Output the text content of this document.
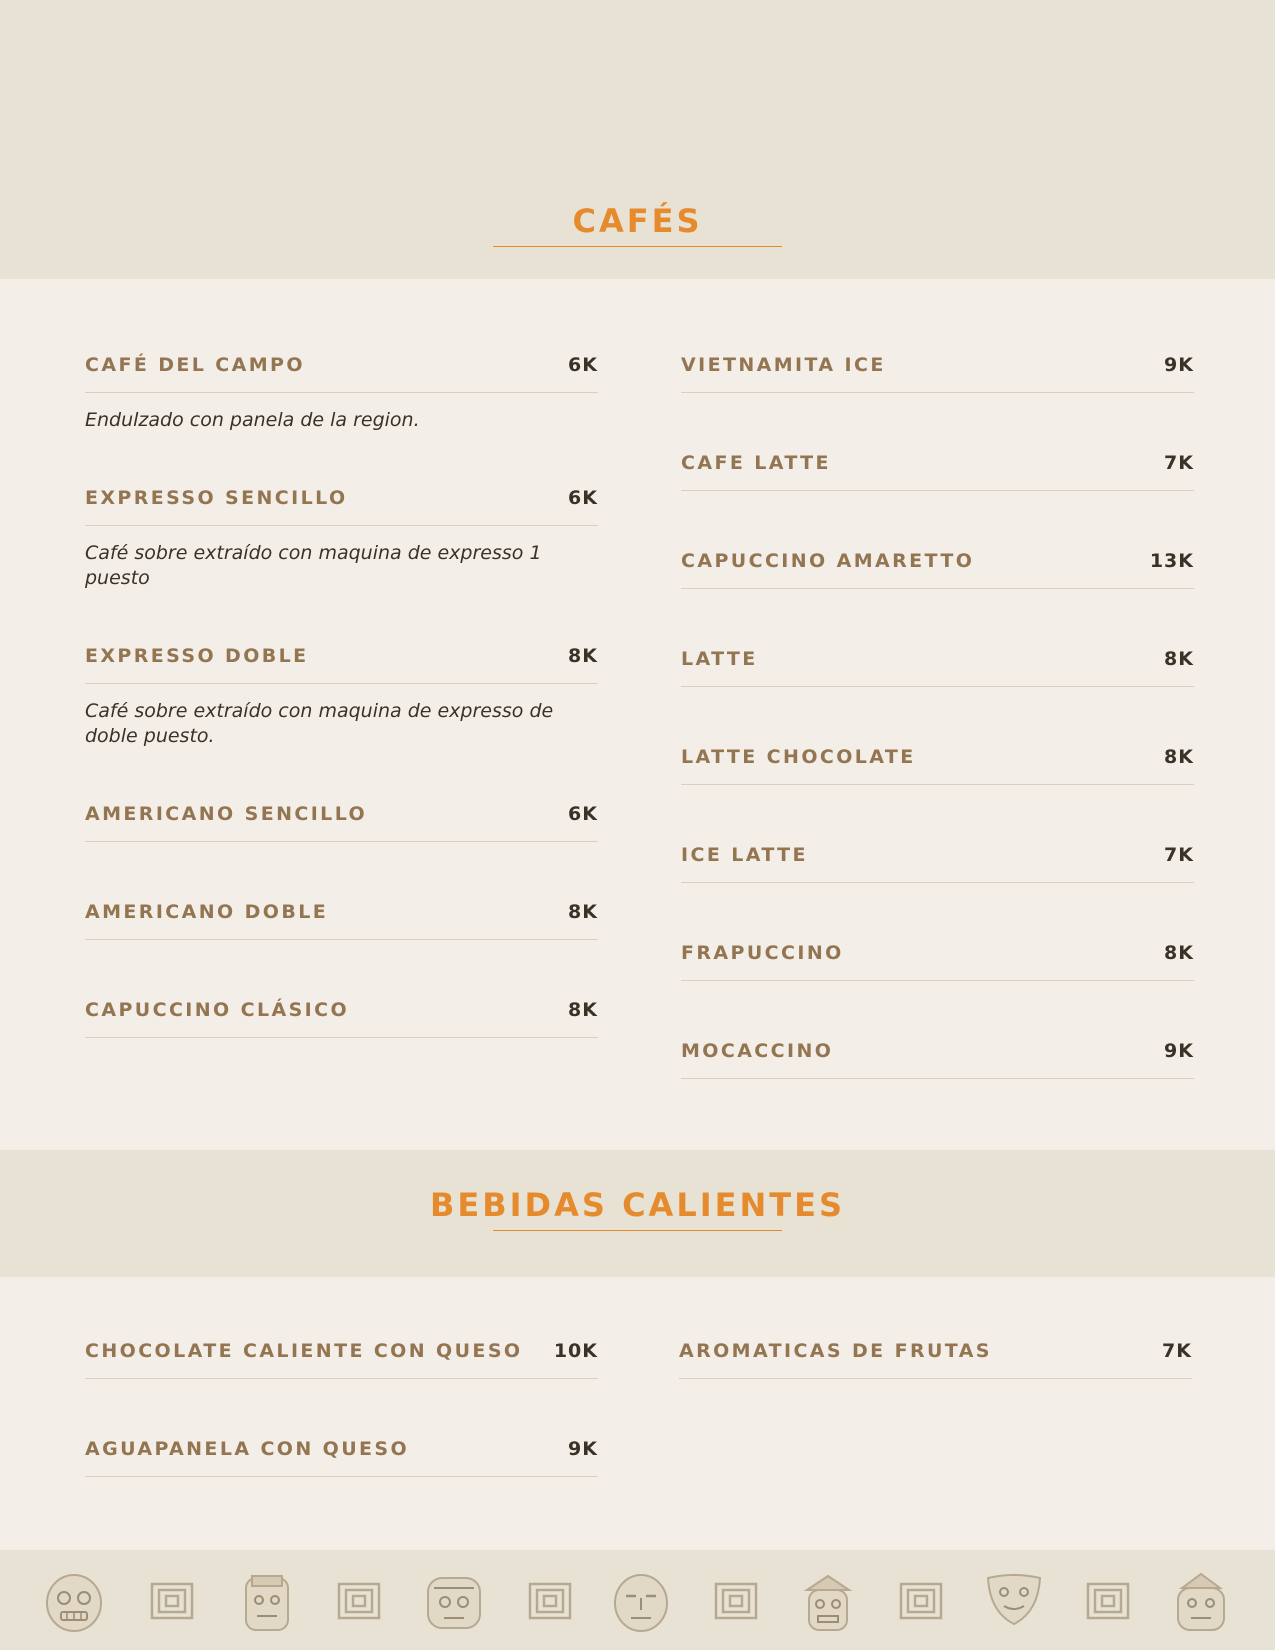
CAFÉS
CAFÉ DEL CAMPO	6K
Endulzado con panela de la region.
EXPRESSO SENCILLO	6K
Café sobre extraído con maquina de expresso 1 puesto
EXPRESSO DOBLE	8K
Café sobre extraído con maquina de expresso de doble puesto.
AMERICANO SENCILLO	6K
AMERICANO DOBLE	8K
CAPUCCINO CLÁSICO	8K
VIETNAMITA ICE	9K
CAFE LATTE	7K
CAPUCCINO AMARETTO	13K
LATTE	8K
LATTE CHOCOLATE	8K
ICE LATTE	7K
FRAPUCCINO	8K
MOCACCINO	9K
BEBIDAS CALIENTES
CHOCOLATE CALIENTE CON QUESO 10K
AGUAPANELA CON QUESO	9K
AROMATICAS DE FRUTAS	7K
